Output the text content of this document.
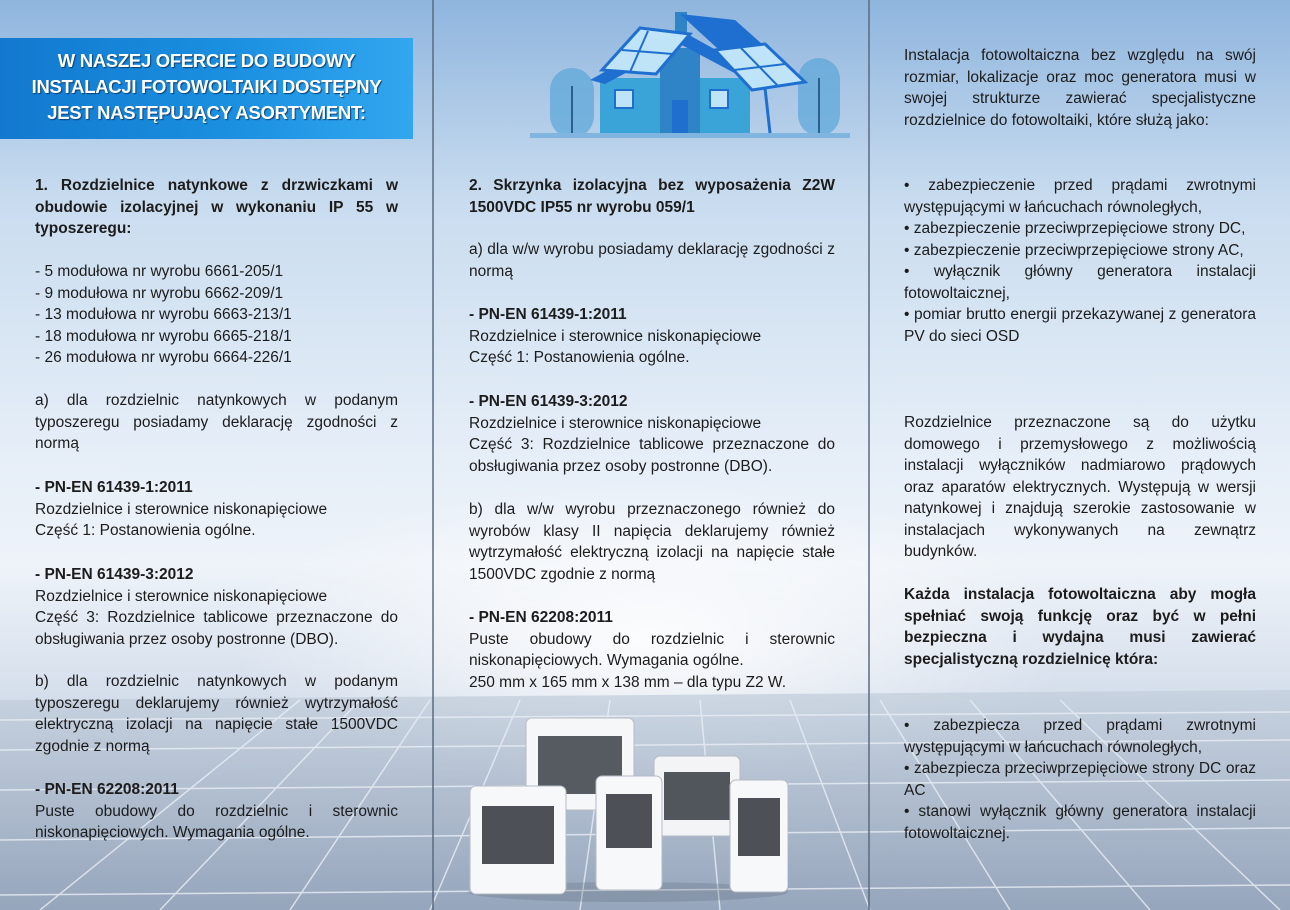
W NASZEJ OFERCIE DO BUDOWY
INSTALACJI FOTOWOLTAIKI DOSTĘPNY
JEST NASTĘPUJĄCY ASORTYMENT:

1. Rozdzielnice natynkowe z drzwiczkami w obudowie izolacyjnej w wykonaniu IP 55 w typoszeregu:

- 5 modułowa nr wyrobu 6661-205/1
- 9 modułowa nr wyrobu 6662-209/1
- 13 modułowa nr wyrobu 6663-213/1
- 18 modułowa nr wyrobu 6665-218/1
- 26 modułowa nr wyrobu 6664-226/1

a) dla rozdzielnic natynkowych w podanym typoszeregu posiadamy deklarację zgodności z normą

- PN-EN 61439-1:2011
Rozdzielnice i sterownice niskonapięciowe
Część 1: Postanowienia ogólne.
- PN-EN 61439-3:2012
Rozdzielnice i sterownice niskonapięciowe
Część 3: Rozdzielnice tablicowe przeznaczone do obsługiwania przez osoby postronne (DBO).

b) dla rozdzielnic natynkowych w podanym typoszeregu deklarujemy również wytrzymałość elektryczną izolacji na napięcie stałe 1500VDC zgodnie z normą

- PN-EN 62208:2011
Puste obudowy do rozdzielnic i sterownic niskonapięciowych. Wymagania ogólne.

2. Skrzynka izolacyjna bez wyposażenia Z2W 1500VDC IP55 nr wyrobu 059/1

a) dla w/w wyrobu posiadamy deklarację zgodności z normą

- PN-EN 61439-1:2011
Rozdzielnice i sterownice niskonapięciowe
Część 1: Postanowienia ogólne.
- PN-EN 61439-3:2012
Rozdzielnice i sterownice niskonapięciowe
Część 3: Rozdzielnice tablicowe przeznaczone do obsługiwania przez osoby postronne (DBO).

b) dla w/w wyrobu przeznaczonego również do wyrobów klasy II napięcia deklarujemy również wytrzymałość elektryczną izolacji na napięcie stałe 1500VDC zgodnie z normą

- PN-EN 62208:2011
Puste obudowy do rozdzielnic i sterownic niskonapięciowych. Wymagania ogólne.
250 mm x 165 mm x 138 mm – dla typu Z2 W.

Instalacja fotowoltaiczna bez względu na swój rozmiar, lokalizacje oraz moc generatora musi w swojej strukturze zawierać specjalistyczne rozdzielnice do fotowoltaiki, które służą jako:

• zabezpieczenie przed prądami zwrotnymi występującymi w łańcuchach równoległych,
• zabezpieczenie przeciwprzepięciowe strony DC,
• zabezpieczenie przeciwprzepięciowe strony AC,
• wyłącznik główny generatora instalacji fotowoltaicznej,
• pomiar brutto energii przekazywanej z generatora PV do sieci OSD

Rozdzielnice przeznaczone są do użytku domowego i przemysłowego z możliwością instalacji wyłączników nadmiarowo prądowych oraz aparatów elektrycznych. Występują w wersji natynkowej i znajdują szerokie zastosowanie w instalacjach wykonywanych na zewnątrz budynków.

Każda instalacja fotowoltaiczna aby mogła spełniać swoją funkcję oraz być w pełni bezpieczna i wydajna musi zawierać specjalistyczną rozdzielnicę która:

• zabezpiecza przed prądami zwrotnymi występującymi w łańcuchach równoległych,
• zabezpiecza przeciwprzepięciowe strony DC oraz AC
• stanowi wyłącznik główny generatora instalacji fotowoltaicznej.
